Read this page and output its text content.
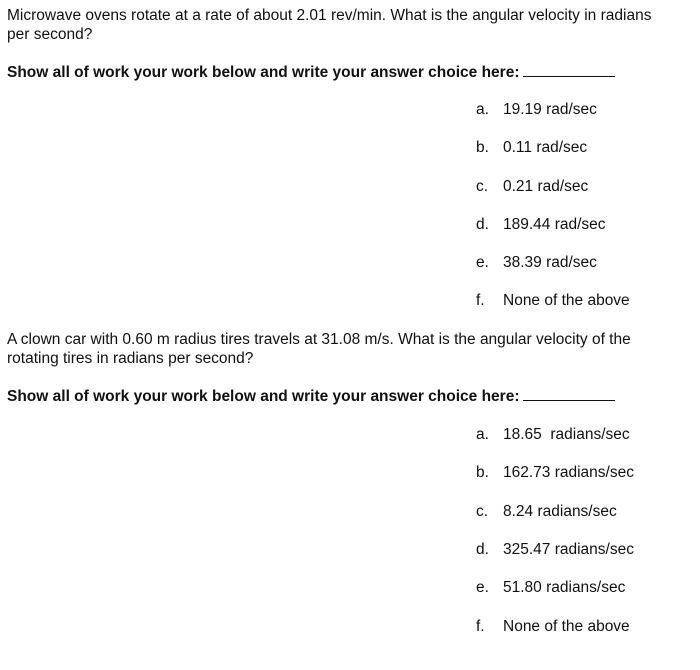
Microwave ovens rotate at a rate of about 2.01 rev/min. What is the angular velocity in radians per second?

Show all of work your work below and write your answer choice here:
a. 19.19 rad/sec
b. 0.11 rad/sec
c. 0.21 rad/sec
d. 189.44 rad/sec
e. 38.39 rad/sec
f. None of the above

A clown car with 0.60 m radius tires travels at 31.08 m/s. What is the angular velocity of the rotating tires in radians per second?

Show all of work your work below and write your answer choice here:
a. 18.65  radians/sec
b. 162.73 radians/sec
c. 8.24 radians/sec
d. 325.47 radians/sec
e. 51.80 radians/sec
f. None of the above
